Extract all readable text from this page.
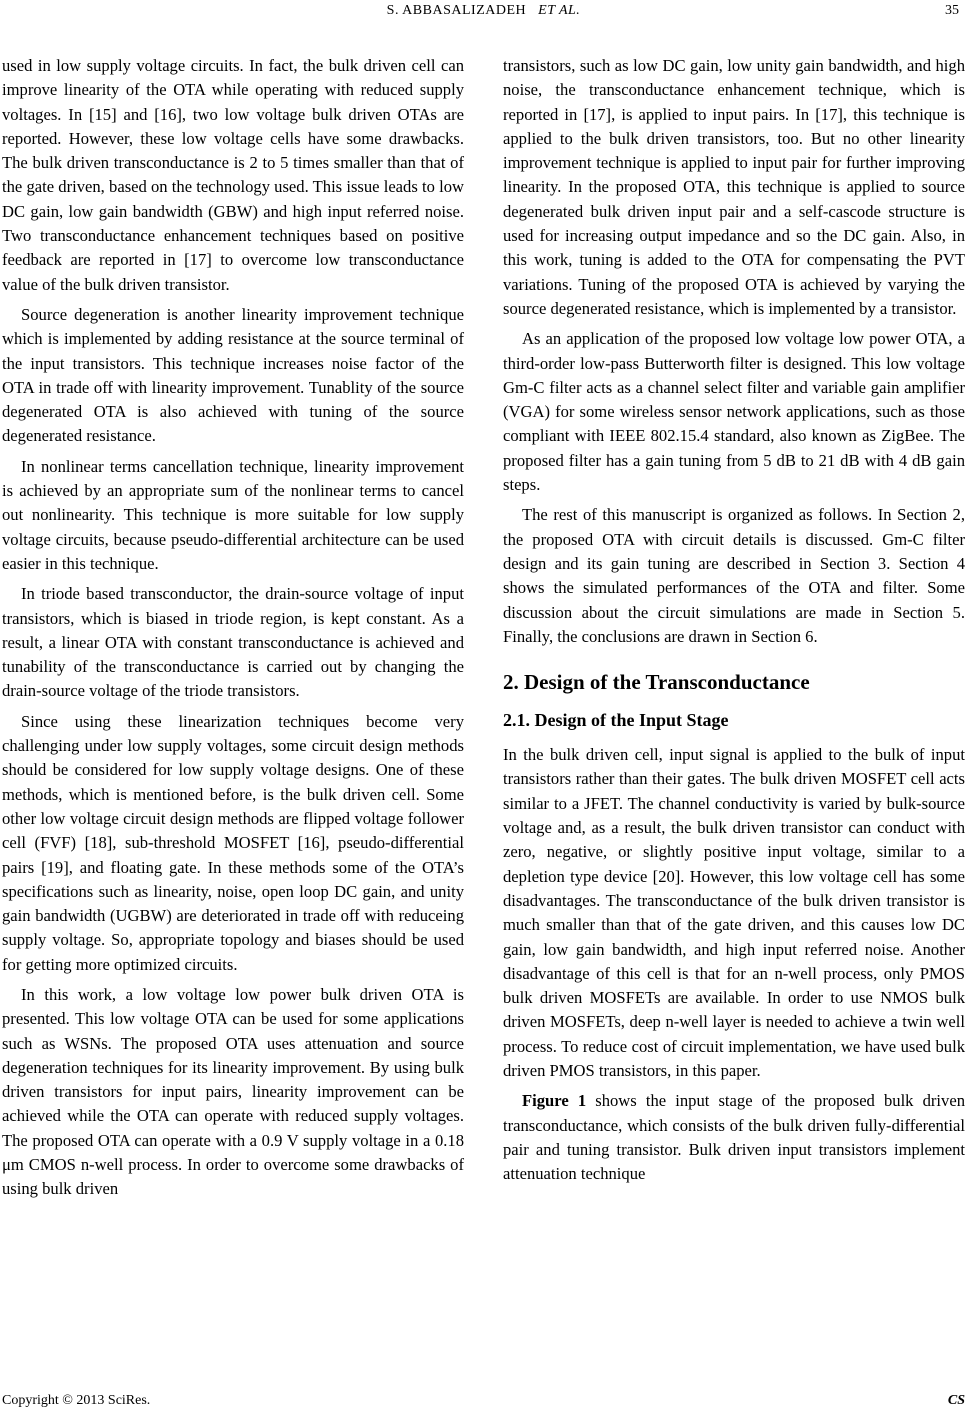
S. ABBASALIZADEH ET AL.	35

used in low supply voltage circuits. In fact, the bulk driven cell can improve linearity of the OTA while operating with reduced supply voltages. In [15] and [16], two low voltage bulk driven OTAs are reported. However, these low voltage cells have some drawbacks. The bulk driven transconductance is 2 to 5 times smaller than that of the gate driven, based on the technology used. This issue leads to low DC gain, low gain bandwidth (GBW) and high input referred noise. Two transconductance enhancement techniques based on positive feedback are reported in [17] to overcome low transconductance value of the bulk driven transistor.

Source degeneration is another linearity improvement technique which is implemented by adding resistance at the source terminal of the input transistors. This technique increases noise factor of the OTA in trade off with linearity improvement. Tunablity of the source degenerated OTA is also achieved with tuning of the source degenerated resistance.

In nonlinear terms cancellation technique, linearity improvement is achieved by an appropriate sum of the nonlinear terms to cancel out nonlinearity. This technique is more suitable for low supply voltage circuits, because pseudo-differential architecture can be used easier in this technique.

In triode based transconductor, the drain-source voltage of input transistors, which is biased in triode region, is kept constant. As a result, a linear OTA with constant transconductance is achieved and tunability of the transconductance is carried out by changing the drain-source voltage of the triode transistors.

Since using these linearization techniques become very challenging under low supply voltages, some circuit design methods should be considered for low supply voltage designs. One of these methods, which is mentioned before, is the bulk driven cell. Some other low voltage circuit design methods are flipped voltage follower cell (FVF) [18], sub-threshold MOSFET [16], pseudo-differential pairs [19], and floating gate. In these methods some of the OTA’s specifications such as linearity, noise, open loop DC gain, and unity gain bandwidth (UGBW) are deteriorated in trade off with reduceing supply voltage. So, appropriate topology and biases should be used for getting more optimized circuits.

In this work, a low voltage low power bulk driven OTA is presented. This low voltage OTA can be used for some applications such as WSNs. The proposed OTA uses attenuation and source degeneration techniques for its linearity improvement. By using bulk driven transistors for input pairs, linearity improvement can be achieved while the OTA can operate with reduced supply voltages. The proposed OTA can operate with a 0.9 V supply voltage in a 0.18 μm CMOS n-well process. In order to overcome some drawbacks of using bulk driven

transistors, such as low DC gain, low unity gain bandwidth, and high noise, the transconductance enhancement technique, which is reported in [17], is applied to input pairs. In [17], this technique is applied to the bulk driven transistors, too. But no other linearity improvement technique is applied to input pair for further improving linearity. In the proposed OTA, this technique is applied to source degenerated bulk driven input pair and a self-cascode structure is used for increasing output impedance and so the DC gain. Also, in this work, tuning is added to the OTA for compensating the PVT variations. Tuning of the proposed OTA is achieved by varying the source degenerated resistance, which is implemented by a transistor.

As an application of the proposed low voltage low power OTA, a third-order low-pass Butterworth filter is designed. This low voltage Gm-C filter acts as a channel select filter and variable gain amplifier (VGA) for some wireless sensor network applications, such as those compliant with IEEE 802.15.4 standard, also known as ZigBee. The proposed filter has a gain tuning from 5 dB to 21 dB with 4 dB gain steps.

The rest of this manuscript is organized as follows. In Section 2, the proposed OTA with circuit details is discussed. Gm-C filter design and its gain tuning are described in Section 3. Section 4 shows the simulated performances of the OTA and filter. Some discussion about the circuit simulations are made in Section 5. Finally, the conclusions are drawn in Section 6.

2. Design of the Transconductance
2.1. Design of the Input Stage

In the bulk driven cell, input signal is applied to the bulk of input transistors rather than their gates. The bulk driven MOSFET cell acts similar to a JFET. The channel conductivity is varied by bulk-source voltage and, as a result, the bulk driven transistor can conduct with zero, negative, or slightly positive input voltage, similar to a depletion type device [20]. However, this low voltage cell has some disadvantages. The transconductance of the bulk driven transistor is much smaller than that of the gate driven, and this causes low DC gain, low gain bandwidth, and high input referred noise. Another disadvantage of this cell is that for an n-well process, only PMOS bulk driven MOSFETs are available. In order to use NMOS bulk driven MOSFETs, deep n-well layer is needed to achieve a twin well process. To reduce cost of circuit implementation, we have used bulk driven PMOS transistors, in this paper.

Figure 1 shows the input stage of the proposed bulk driven transconductance, which consists of the bulk driven fully-differential pair and tuning transistor. Bulk driven input transistors implement attenuation technique

Copyright © 2013 SciRes.	CS
